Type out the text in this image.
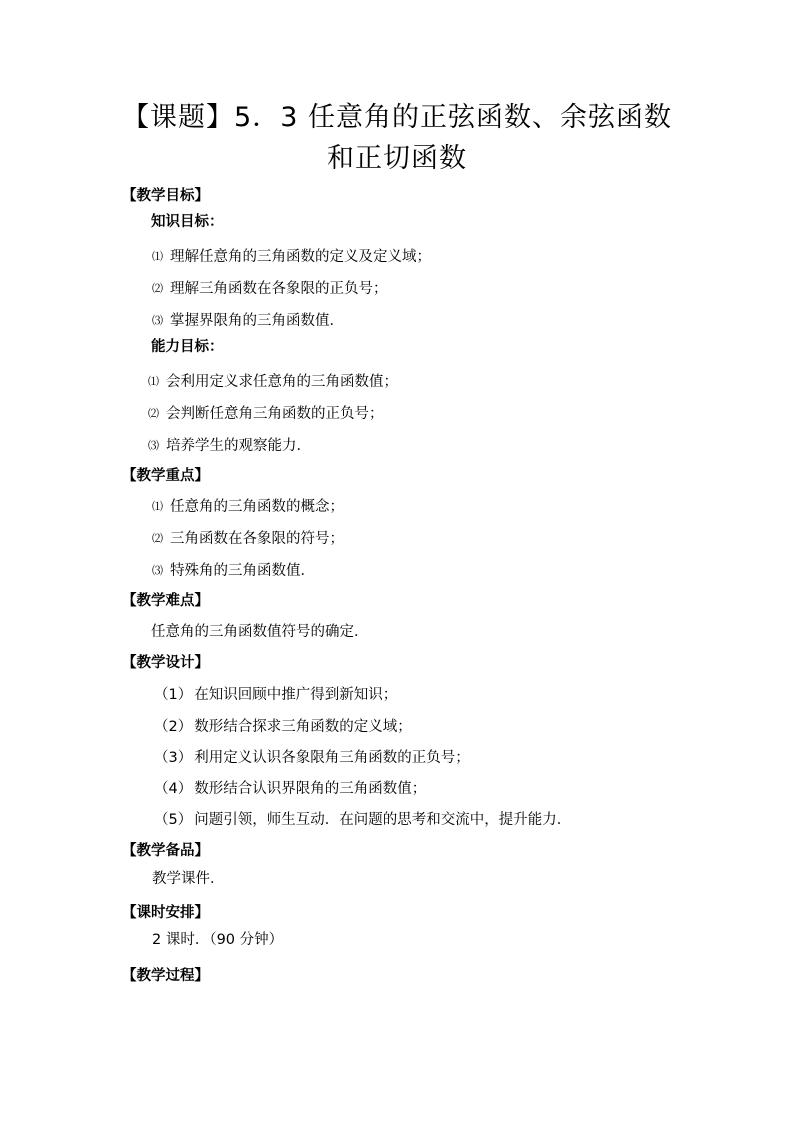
【课题】5．3 任意角的正弦函数、余弦函数
和正切函数
【教学目标】
知识目标：
⑴ 理解任意角的三角函数的定义及定义域；
⑵ 理解三角函数在各象限的正负号；
⑶ 掌握界限角的三角函数值．
能力目标：
⑴ 会利用定义求任意角的三角函数值；
⑵ 会判断任意角三角函数的正负号；
⑶ 培养学生的观察能力．
【教学重点】
⑴ 任意角的三角函数的概念；
⑵ 三角函数在各象限的符号；
⑶ 特殊角的三角函数值．
【教学难点】
任意角的三角函数值符号的确定．
【教学设计】
（1） 在知识回顾中推广得到新知识；
（2） 数形结合探求三角函数的定义域；
（3） 利用定义认识各象限角三角函数的正负号；
（4） 数形结合认识界限角的三角函数值；
（5） 问题引领，师生互动．在问题的思考和交流中，提升能力．
【教学备品】
教学课件．
【课时安排】
2 课时．（90 分钟）
【教学过程】
